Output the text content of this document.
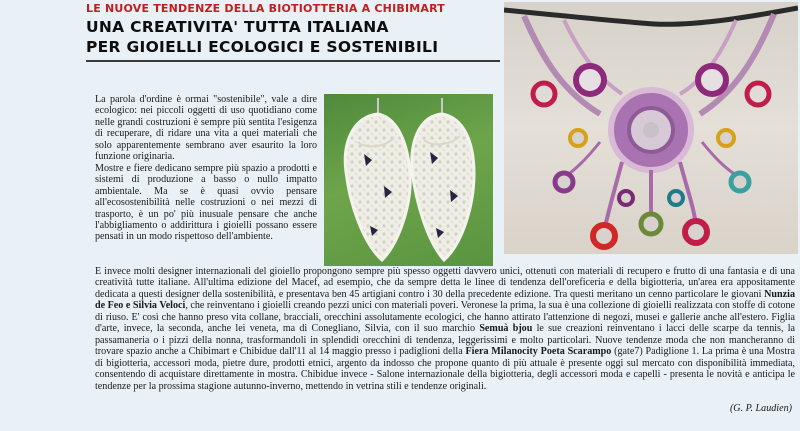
LE NUOVE TENDENZE DELLA BIOTIOTTERIA A CHIBIMART
UNA CREATIVITA' TUTTA ITALIANA
PER GIOIELLI ECOLOGICI E SOSTENIBILI

La parola d'ordine è ormai "sostenibile", vale a dire ecologico: nei piccoli oggetti di uso quotidiano come nelle grandi costruzioni è sempre più sentita l'esigenza di recuperare, di ridare una vita a quei materiali che solo apparentemente sembrano aver esaurito la loro funzione originaria.

Mostre e fiere dedicano sempre più spazio a prodotti e sistemi di produzione a basso o nullo impatto ambientale. Ma se è quasi ovvio pensare all'ecosostenibilità nelle costruzioni o nei mezzi di trasporto, è un po' più inusuale pensare che anche l'abbigliamento o addirittura i gioielli possano essere pensati in un modo rispettoso dell'ambiente.

E invece molti designer internazionali del gioiello propongono sempre più spesso oggetti davvero unici, ottenuti con materiali di recupero e frutto di una fantasia e di una creatività tutte italiane. All'ultima edizione del Macef, ad esempio, che da sempre detta le linee di tendenza dell'oreficeria e della bigiotteria, un'area era appositamente dedicata a questi designer della sostenibilità, e presentava ben 45 artigiani contro i 30 della precedente edizione. Tra questi meritano un cenno particolare le giovani Nunzia de Feo e Silvia Veloci, che reinventano i gioielli creando pezzi unici con materiali poveri. Veronese la prima, la sua è una collezione di gioielli realizzata con stoffe di cotone di riuso. E' così che hanno preso vita collane, bracciali, orecchini assolutamente ecologici, che hanno attirato l'attenzione di negozi, musei e gallerie anche all'estero. Figlia d'arte, invece, la seconda, anche lei veneta, ma di Conegliano, Silvia, con il suo marchio Semuà bjou le sue creazioni reinventano i lacci delle scarpe da tennis, la passamaneria o i pizzi della nonna, trasformandoli in splendidi orecchini di tendenza, leggerissimi e molto particolari. Nuove tendenze moda che non mancheranno di trovare spazio anche a Chibimart e Chibidue dall'11 al 14 maggio presso i padiglioni della Fiera Milanocity Poeta Scarampo (gate7) Padiglione 1. La prima è una Mostra di bigiotteria, accessori moda, pietre dure, prodotti etnici, argento da indosso che propone quanto di più attuale è presente oggi sul mercato con disponibilità immediata, consentendo di acquistare direttamente in mostra. Chibidue invece - Salone internazionale della bigiotteria, degli accessori moda e capelli - presenta le novità e anticipa le tendenze per la prossima stagione autunno-inverno, mettendo in vetrina stili e tendenze originali.

(G. P. Laudien)
